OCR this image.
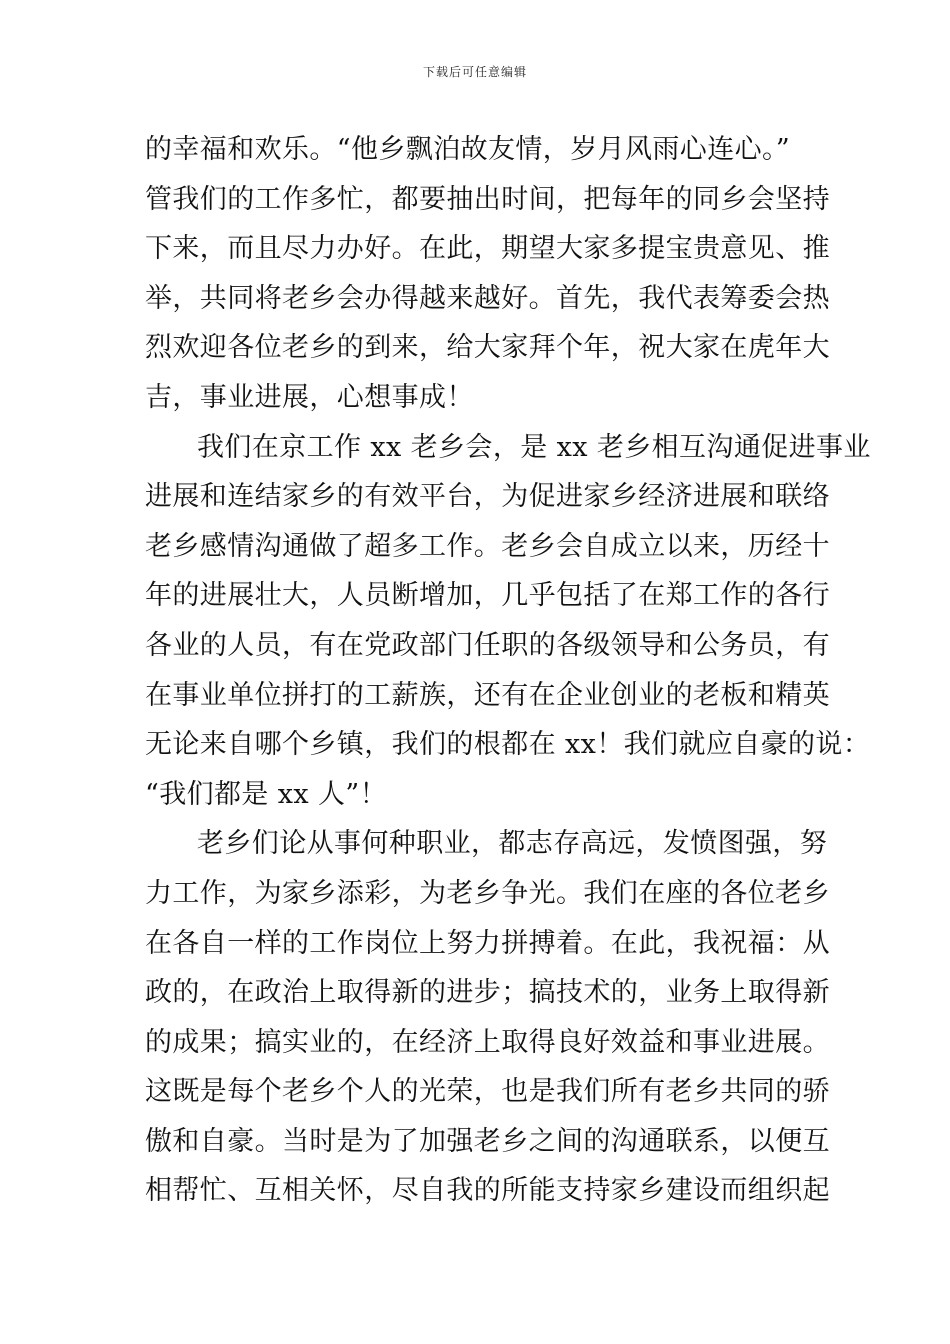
下载后可任意编辑
的幸福和欢乐。“他乡飘泊故友情，岁月风雨心连心。”
管我们的工作多忙，都要抽出时间，把每年的同乡会坚持
下来，而且尽力办好。在此，期望大家多提宝贵意见、推
举，共同将老乡会办得越来越好。首先，我代表筹委会热
烈欢迎各位老乡的到来，给大家拜个年，祝大家在虎年大
吉，事业进展，心想事成！
我们在京工作 xx 老乡会，是 xx 老乡相互沟通促进事业
进展和连结家乡的有效平台，为促进家乡经济进展和联络
老乡感情沟通做了超多工作。老乡会自成立以来，历经十
年的进展壮大，人员断增加，几乎包括了在郑工作的各行
各业的人员，有在党政部门任职的各级领导和公务员，有
在事业单位拼打的工薪族，还有在企业创业的老板和精英
无论来自哪个乡镇，我们的根都在 xx！我们就应自豪的说：
“我们都是 xx 人”！
老乡们论从事何种职业，都志存高远，发愤图强，努
力工作，为家乡添彩，为老乡争光。我们在座的各位老乡
在各自一样的工作岗位上努力拼搏着。在此，我祝福：从
政的，在政治上取得新的进步；搞技术的，业务上取得新
的成果；搞实业的，在经济上取得良好效益和事业进展。
这既是每个老乡个人的光荣，也是我们所有老乡共同的骄
傲和自豪。当时是为了加强老乡之间的沟通联系，以便互
相帮忙、互相关怀，尽自我的所能支持家乡建设而组织起
